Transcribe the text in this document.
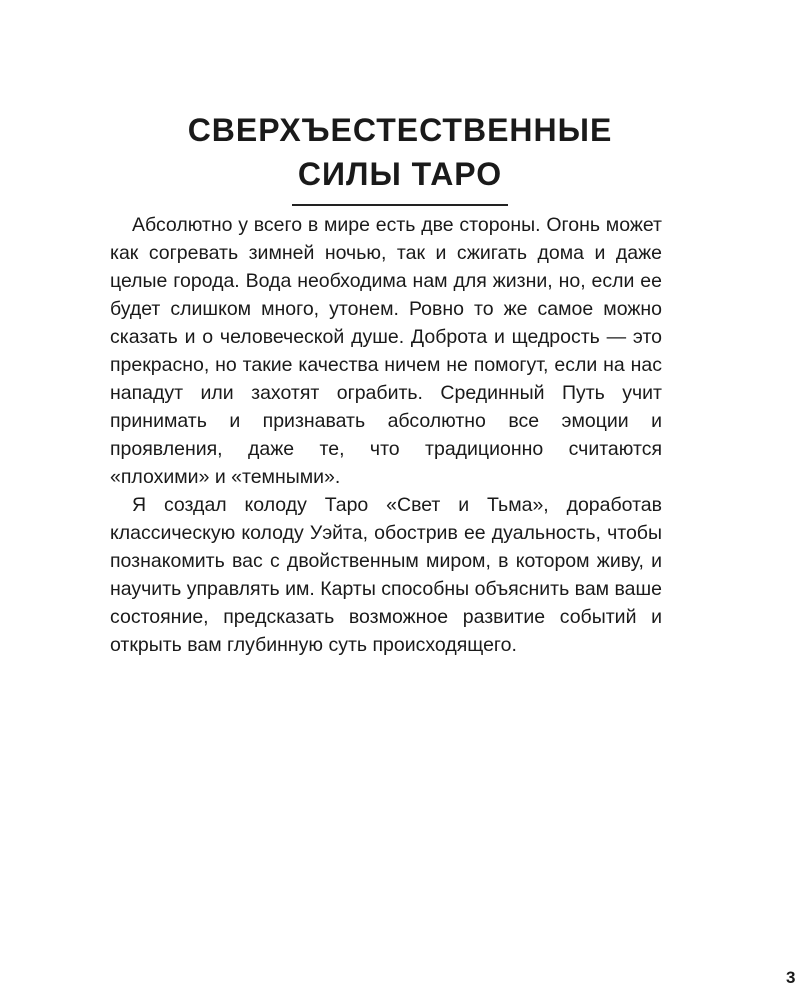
СВЕРХЪЕСТЕСТВЕННЫЕ
СИЛЫ ТАРО

Абсолютно у всего в мире есть две стороны. Огонь может как согревать зимней ночью, так и сжигать дома и даже целые города. Вода необходима нам для жизни, но, если ее будет слишком много, утонем. Ровно то же самое можно сказать и о человеческой душе. Доброта и щедрость — это прекрасно, но такие качества ничем не помогут, если на нас нападут или захотят ограбить. Срединный Путь учит принимать и признавать абсолютно все эмоции и проявления, даже те, что традиционно считаются «плохими» и «темными».

Я создал колоду Таро «Свет и Тьма», доработав классическую колоду Уэйта, обострив ее дуальность, чтобы познакомить вас с двойственным миром, в котором живу, и научить управлять им. Карты способны объяснить вам ваше состояние, предсказать возможное развитие событий и открыть вам глубинную суть происходящего.

3
